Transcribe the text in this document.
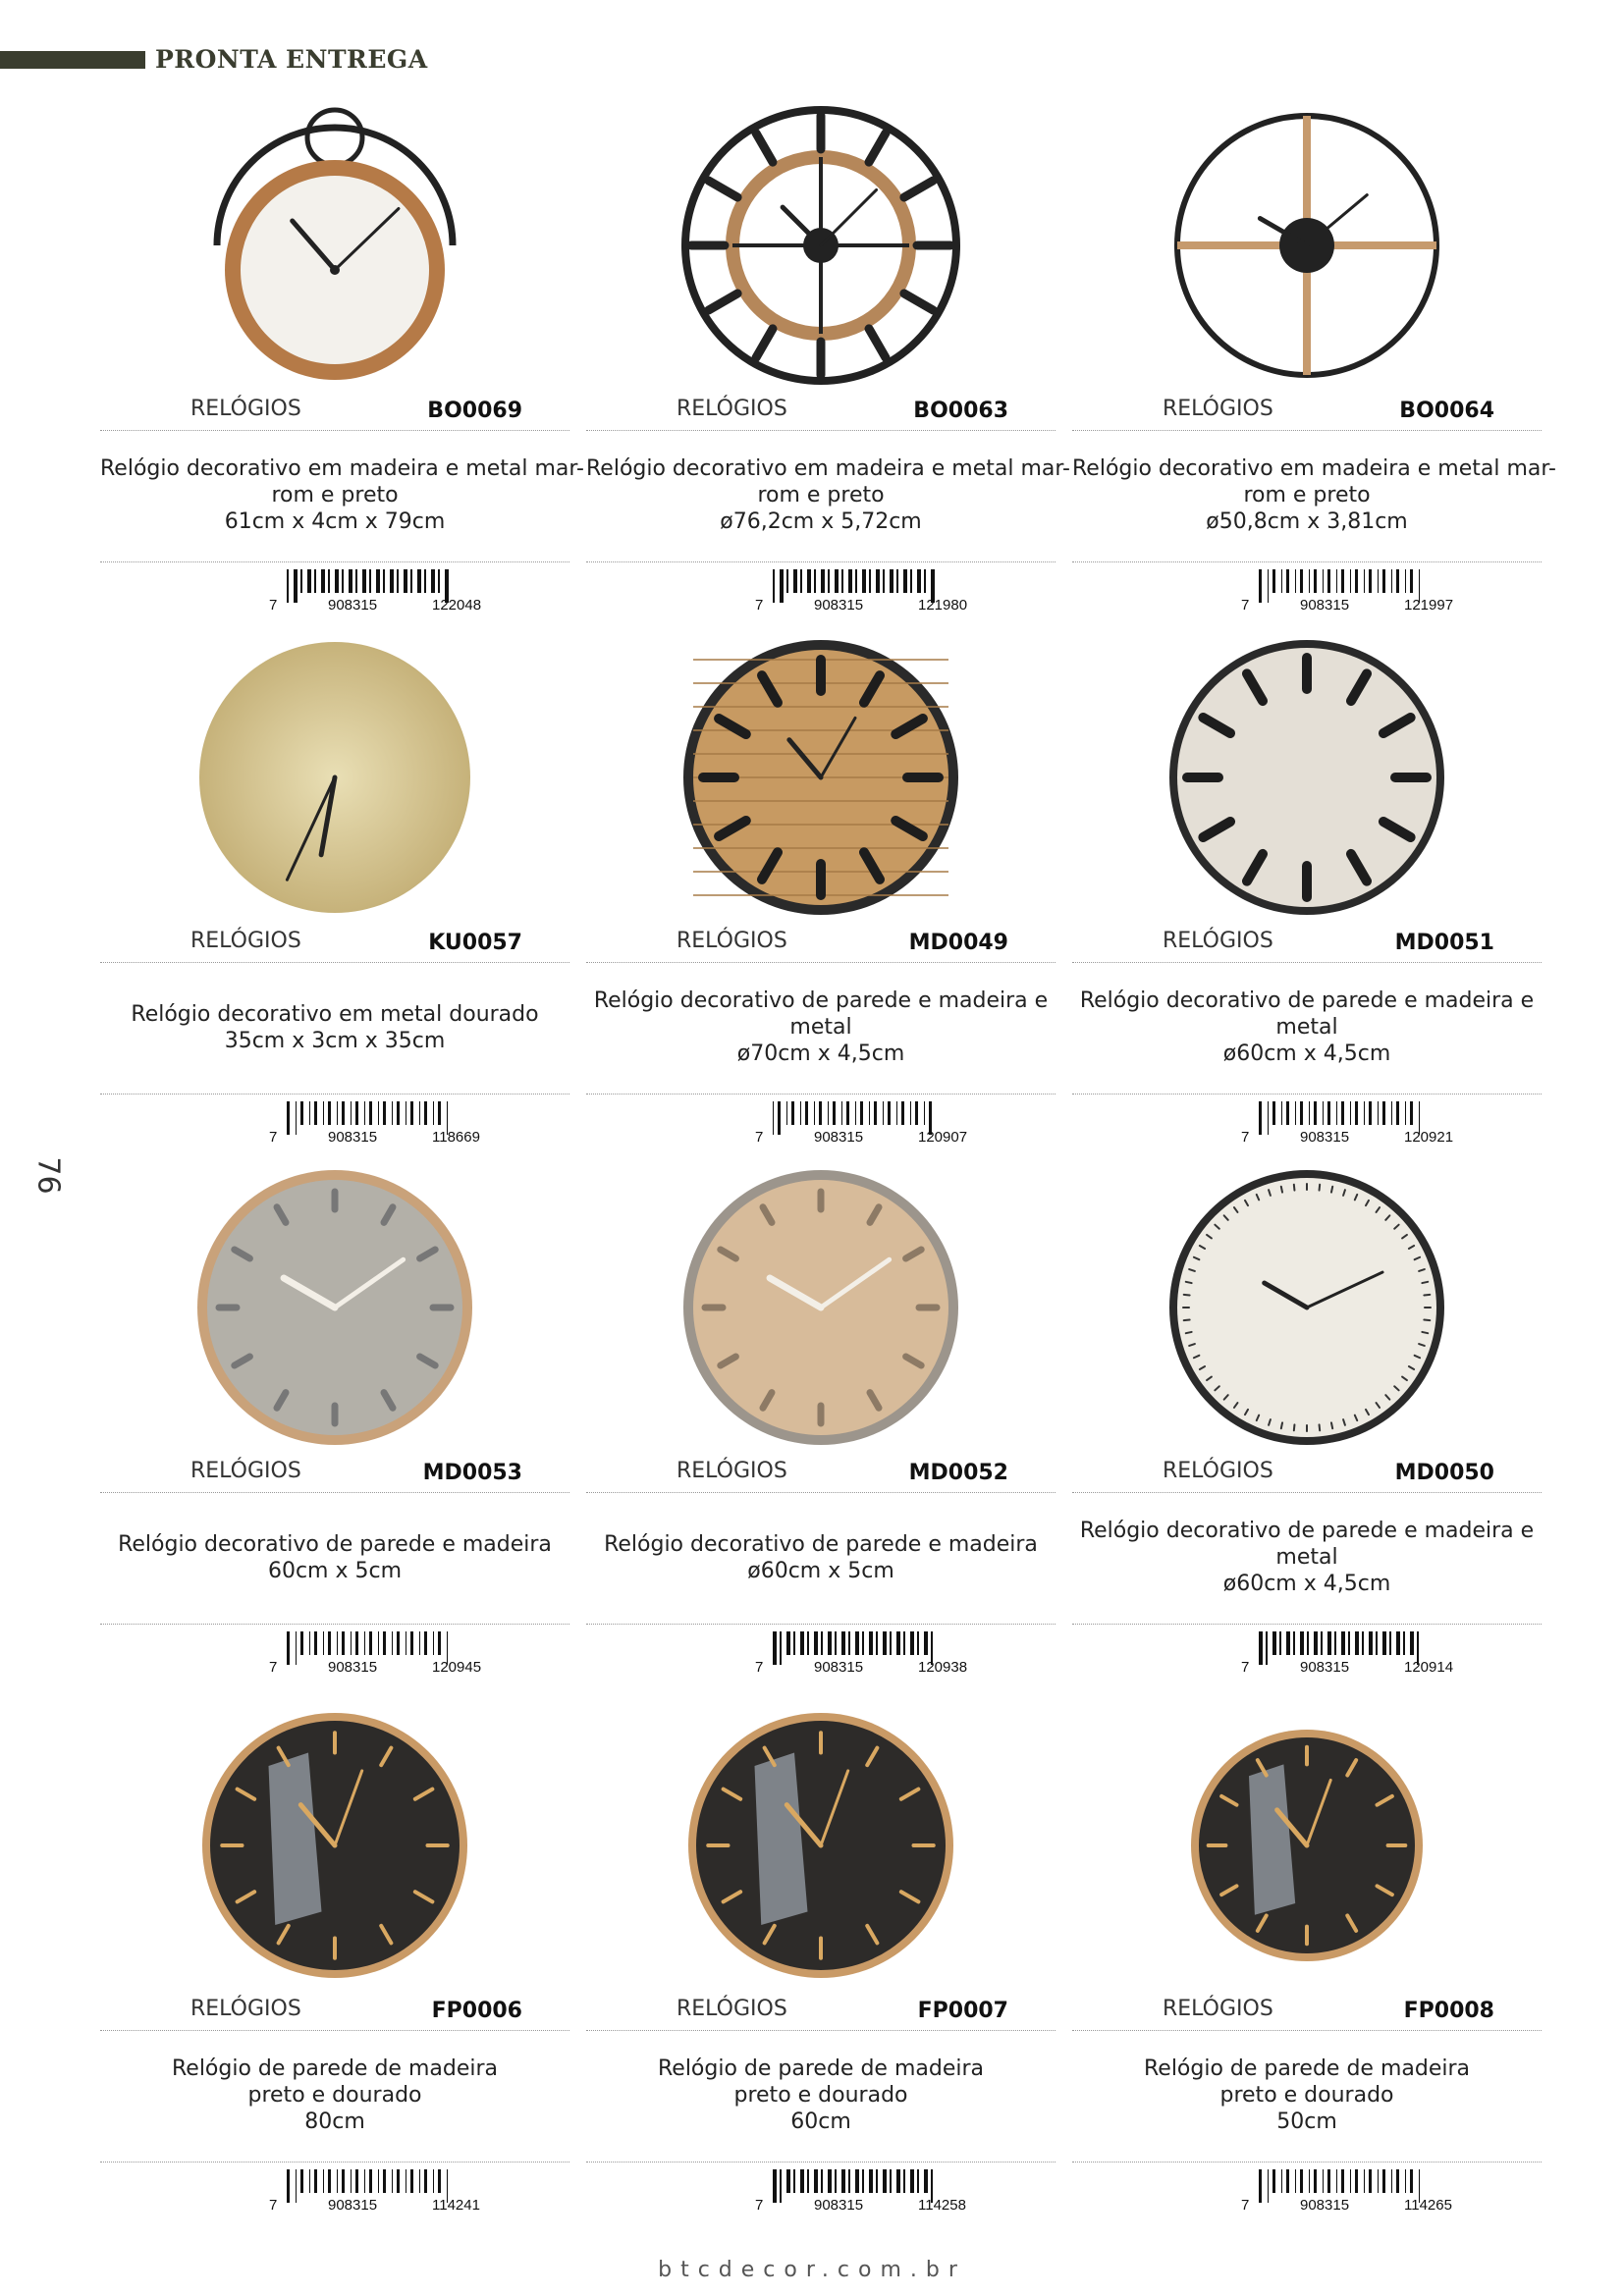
PRONTA ENTREGA
76
btcdecor.com.br
RELÓGIOS	BO0069
Relógio decorativo em madeira e metal mar-
rom e preto
61cm x 4cm x 79cm
7	908315	122048
RELÓGIOS	BO0063
Relógio decorativo em madeira e metal mar-
rom e preto
ø76,2cm x 5,72cm
7	908315	121980
RELÓGIOS	BO0064
Relógio decorativo em madeira e metal mar-
rom e preto
ø50,8cm x 3,81cm
7	908315	121997
RELÓGIOS	KU0057
Relógio decorativo em metal dourado
35cm x 3cm x 35cm
7	908315	118669
RELÓGIOS	MD0049
Relógio decorativo de parede e madeira e
metal
ø70cm x 4,5cm
7	908315	120907
RELÓGIOS	MD0051
Relógio decorativo de parede e madeira e
metal
ø60cm x 4,5cm
7	908315	120921
RELÓGIOS	MD0053
Relógio decorativo de parede e madeira
60cm x 5cm
7	908315	120945
RELÓGIOS	MD0052
Relógio decorativo de parede e madeira
ø60cm x 5cm
7	908315	120938
RELÓGIOS	MD0050
Relógio decorativo de parede e madeira e
metal
ø60cm x 4,5cm
7	908315	120914
RELÓGIOS	FP0006
Relógio de parede de madeira
preto e dourado
80cm
7	908315	114241
RELÓGIOS	FP0007
Relógio de parede de madeira
preto e dourado
60cm
7	908315	114258
RELÓGIOS	FP0008
Relógio de parede de madeira
preto e dourado
50cm
7	908315	114265
